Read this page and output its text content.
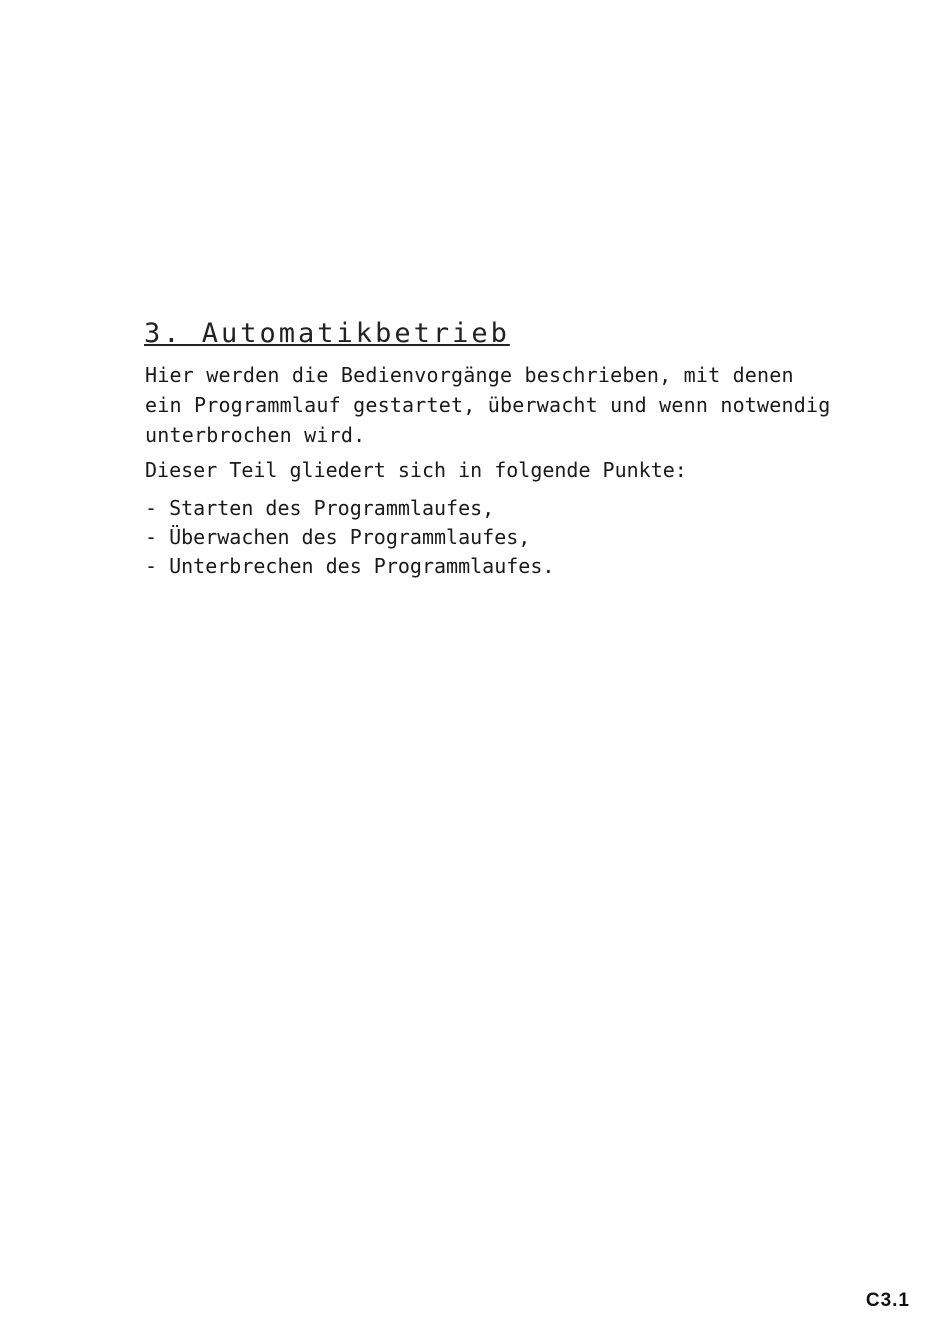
3. Automatikbetrieb

Hier werden die Bedienvorgänge beschrieben, mit denen
ein Programmlauf gestartet, überwacht und wenn notwendig
unterbrochen wird.

Dieser Teil gliedert sich in folgende Punkte:

- Starten des Programmlaufes,
- Überwachen des Programmlaufes,
- Unterbrechen des Programmlaufes.
C3.1
